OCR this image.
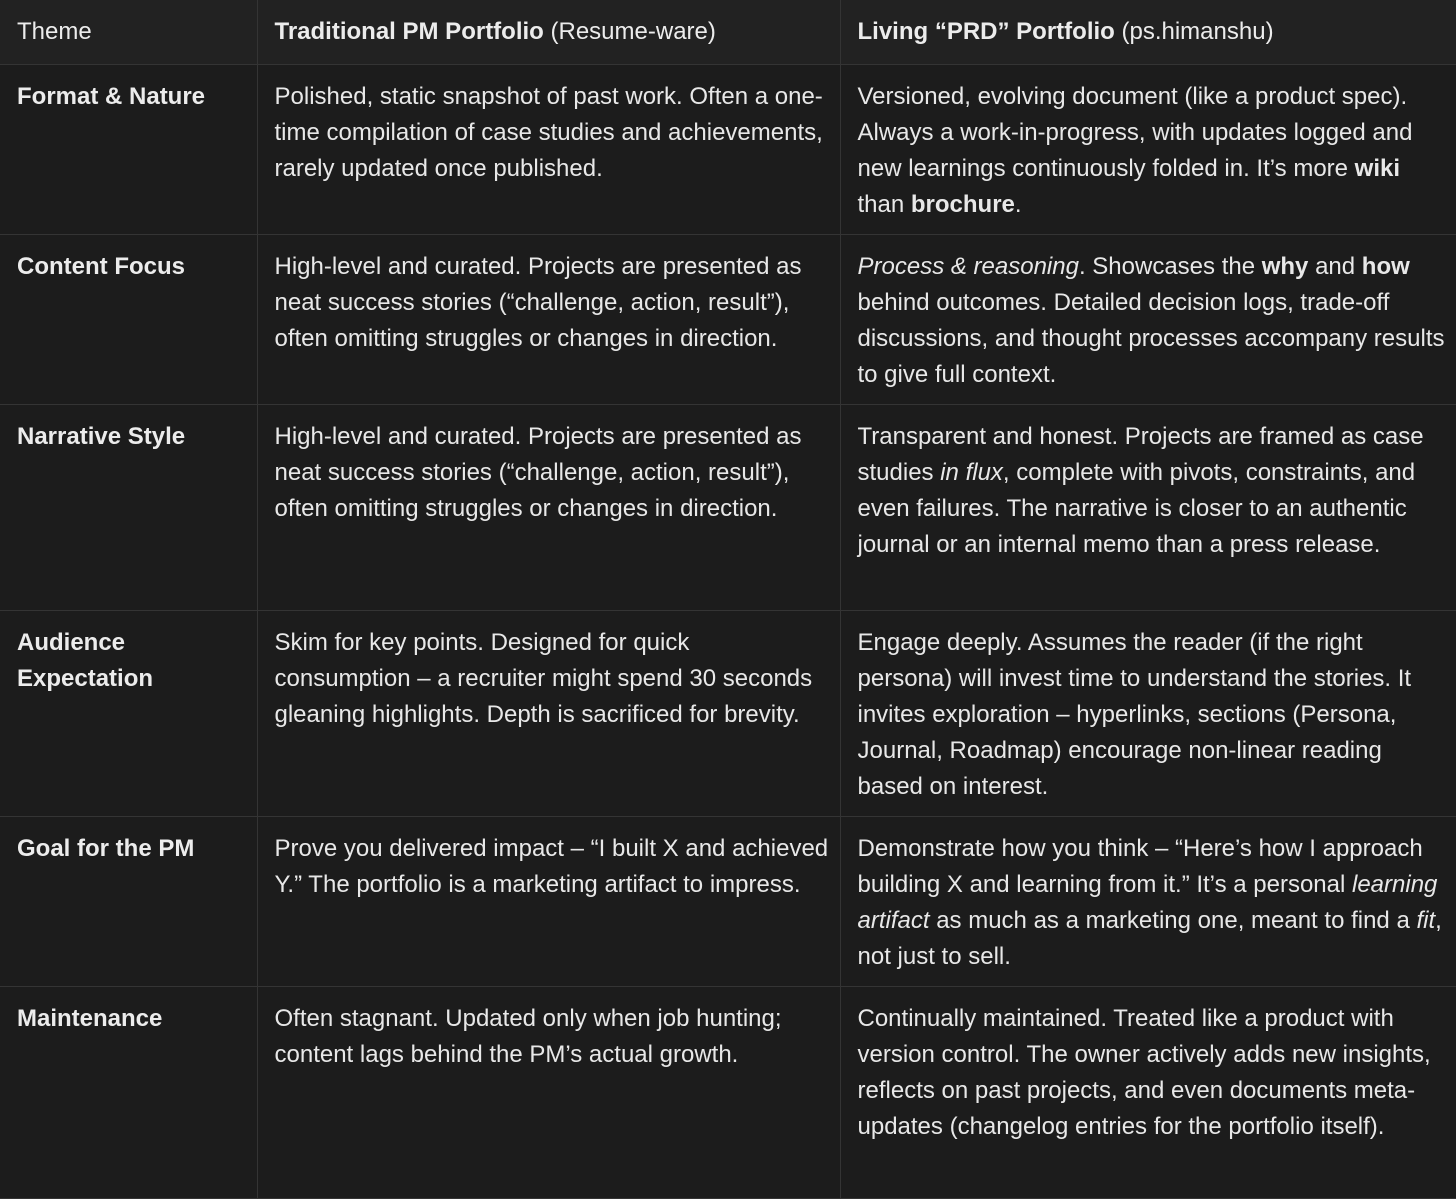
Theme	Traditional PM Portfolio (Resume-ware)	Living “PRD” Portfolio (ps.himanshu)
Format & Nature	Polished, static snapshot of past work. Often a one-time compilation of case studies and achievements, rarely updated once published.	Versioned, evolving document (like a product spec). Always a work-in-progress, with updates logged and new learnings continuously folded in. It’s more wiki than brochure.
Content Focus	High-level and curated. Projects are presented as neat success stories (“challenge, action, result”), often omitting struggles or changes in direction.	Process & reasoning. Showcases the why and how behind outcomes. Detailed decision logs, trade-off discussions, and thought processes accompany results to give full context.
Narrative Style	High-level and curated. Projects are presented as neat success stories (“challenge, action, result”), often omitting struggles or changes in direction.	Transparent and honest. Projects are framed as case studies in flux, complete with pivots, constraints, and even failures. The narrative is closer to an authentic journal or an internal memo than a press release.
Audience Expectation	Skim for key points. Designed for quick consumption – a recruiter might spend 30 seconds gleaning highlights. Depth is sacrificed for brevity.	Engage deeply. Assumes the reader (if the right persona) will invest time to understand the stories. It invites exploration – hyperlinks, sections (Persona, Journal, Roadmap) encourage non-linear reading based on interest.
Goal for the PM	Prove you delivered impact – “I built X and achieved Y.” The portfolio is a marketing artifact to impress.	Demonstrate how you think – “Here’s how I approach building X and learning from it.” It’s a personal learning artifact as much as a marketing one, meant to find a fit, not just to sell.
Maintenance	Often stagnant. Updated only when job hunting; content lags behind the PM’s actual growth.	Continually maintained. Treated like a product with version control. The owner actively adds new insights, reflects on past projects, and even documents meta-updates (changelog entries for the portfolio itself).
